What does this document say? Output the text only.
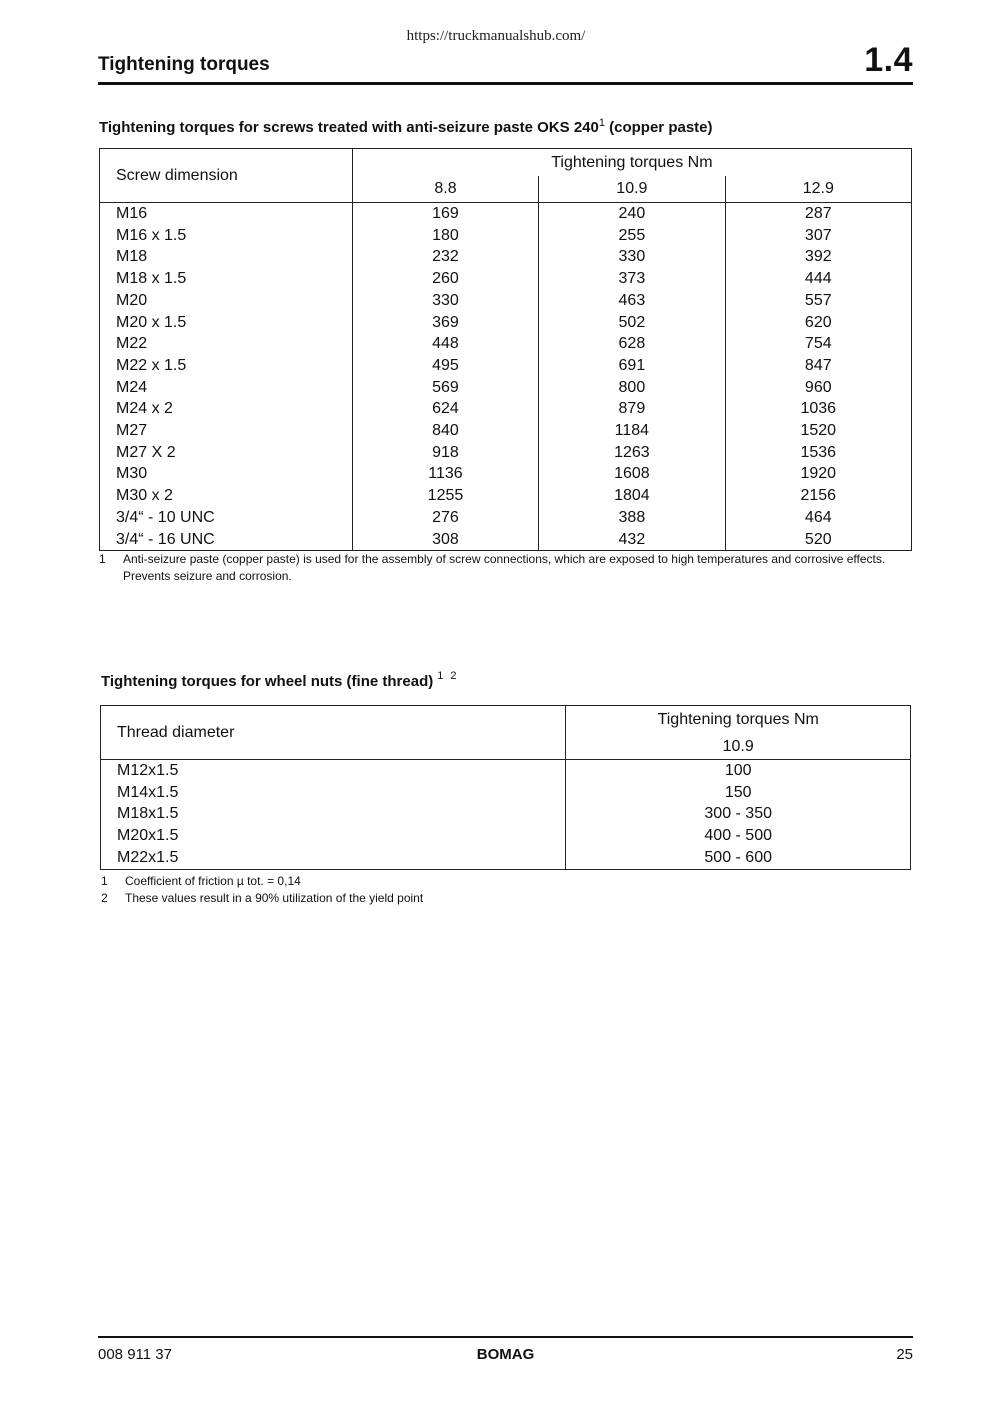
https://truckmanualshub.com/
Tightening torques	1.4
Tightening torques for screws treated with anti-seizure paste OKS $240^1$ (copper paste)
Screw dimension	Tightening torques Nm		
	8.8	10.9	12.9
M16	169	240	287
M16 x 1.5	180	255	307
M18	232	330	392
M18 x 1.5	260	373	444
M20	330	463	557
M20 x 1.5	369	502	620
M22	448	628	754
M22 x 1.5	495	691	847
M24	569	800	960
M24 x 2	624	879	1036
M27	840	1184	1520
M27 X 2	918	1263	1536
M30	1136	1608	1920
M30 x 2	1255	1804	2156
3/4“ - 10 UNC	276	388	464
3/4“ - 16 UNC	308	432	520
1 Anti-seizure paste (copper paste) is used for the assembly of screw connections, which are exposed to high temperatures and corrosive effects. Prevents seizure and corrosion.
Tightening torques for wheel nuts (fine thread) $^{1 2}$
Thread diameter	Tightening torques Nm
	10.9
M12x1.5	100
M14x1.5	150
M18x1.5	300 - 350
M20x1.5	400 - 500
M22x1.5	500 - 600
1 Coefficient of friction µ tot. = 0,14
2 These values result in a 90% utilization of the yield point
008 911 37	BOMAG	25
